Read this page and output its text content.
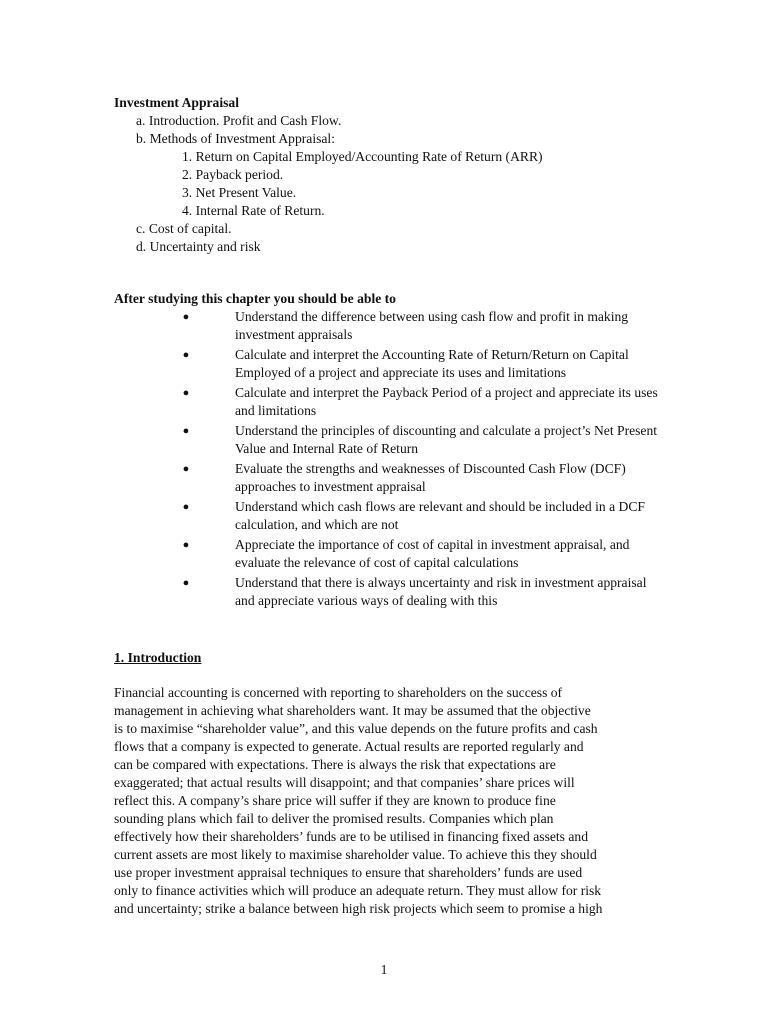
Investment Appraisal
a. Introduction. Profit and Cash Flow.
b. Methods of Investment Appraisal:
1. Return on Capital Employed/Accounting Rate of Return (ARR)
2. Payback period.
3. Net Present Value.
4. Internal Rate of Return.
c. Cost of capital.
d. Uncertainty and risk
After studying this chapter you should be able to
●	Understand the difference between using cash flow and profit in making investment appraisals
●	Calculate and interpret the Accounting Rate of Return/Return on Capital Employed of a project and appreciate its uses and limitations
●	Calculate and interpret the Payback Period of a project and appreciate its uses and limitations
●	Understand the principles of discounting and calculate a project’s Net Present Value and Internal Rate of Return
●	Evaluate the strengths and weaknesses of Discounted Cash Flow (DCF) approaches to investment appraisal
●	Understand which cash flows are relevant and should be included in a DCF calculation, and which are not
●	Appreciate the importance of cost of capital in investment appraisal, and evaluate the relevance of cost of capital calculations
●	Understand that there is always uncertainty and risk in investment appraisal and appreciate various ways of dealing with this
1. Introduction
Financial accounting is concerned with reporting to shareholders on the success of
management in achieving what shareholders want. It may be assumed that the objective
is to maximise “shareholder value”, and this value depends on the future profits and cash
flows that a company is expected to generate. Actual results are reported regularly and
can be compared with expectations. There is always the risk that expectations are
exaggerated; that actual results will disappoint; and that companies’ share prices will
reflect this. A company’s share price will suffer if they are known to produce fine
sounding plans which fail to deliver the promised results. Companies which plan
effectively how their shareholders’ funds are to be utilised in financing fixed assets and
current assets are most likely to maximise shareholder value. To achieve this they should
use proper investment appraisal techniques to ensure that shareholders’ funds are used
only to finance activities which will produce an adequate return. They must allow for risk
and uncertainty; strike a balance between high risk projects which seem to promise a high
1
